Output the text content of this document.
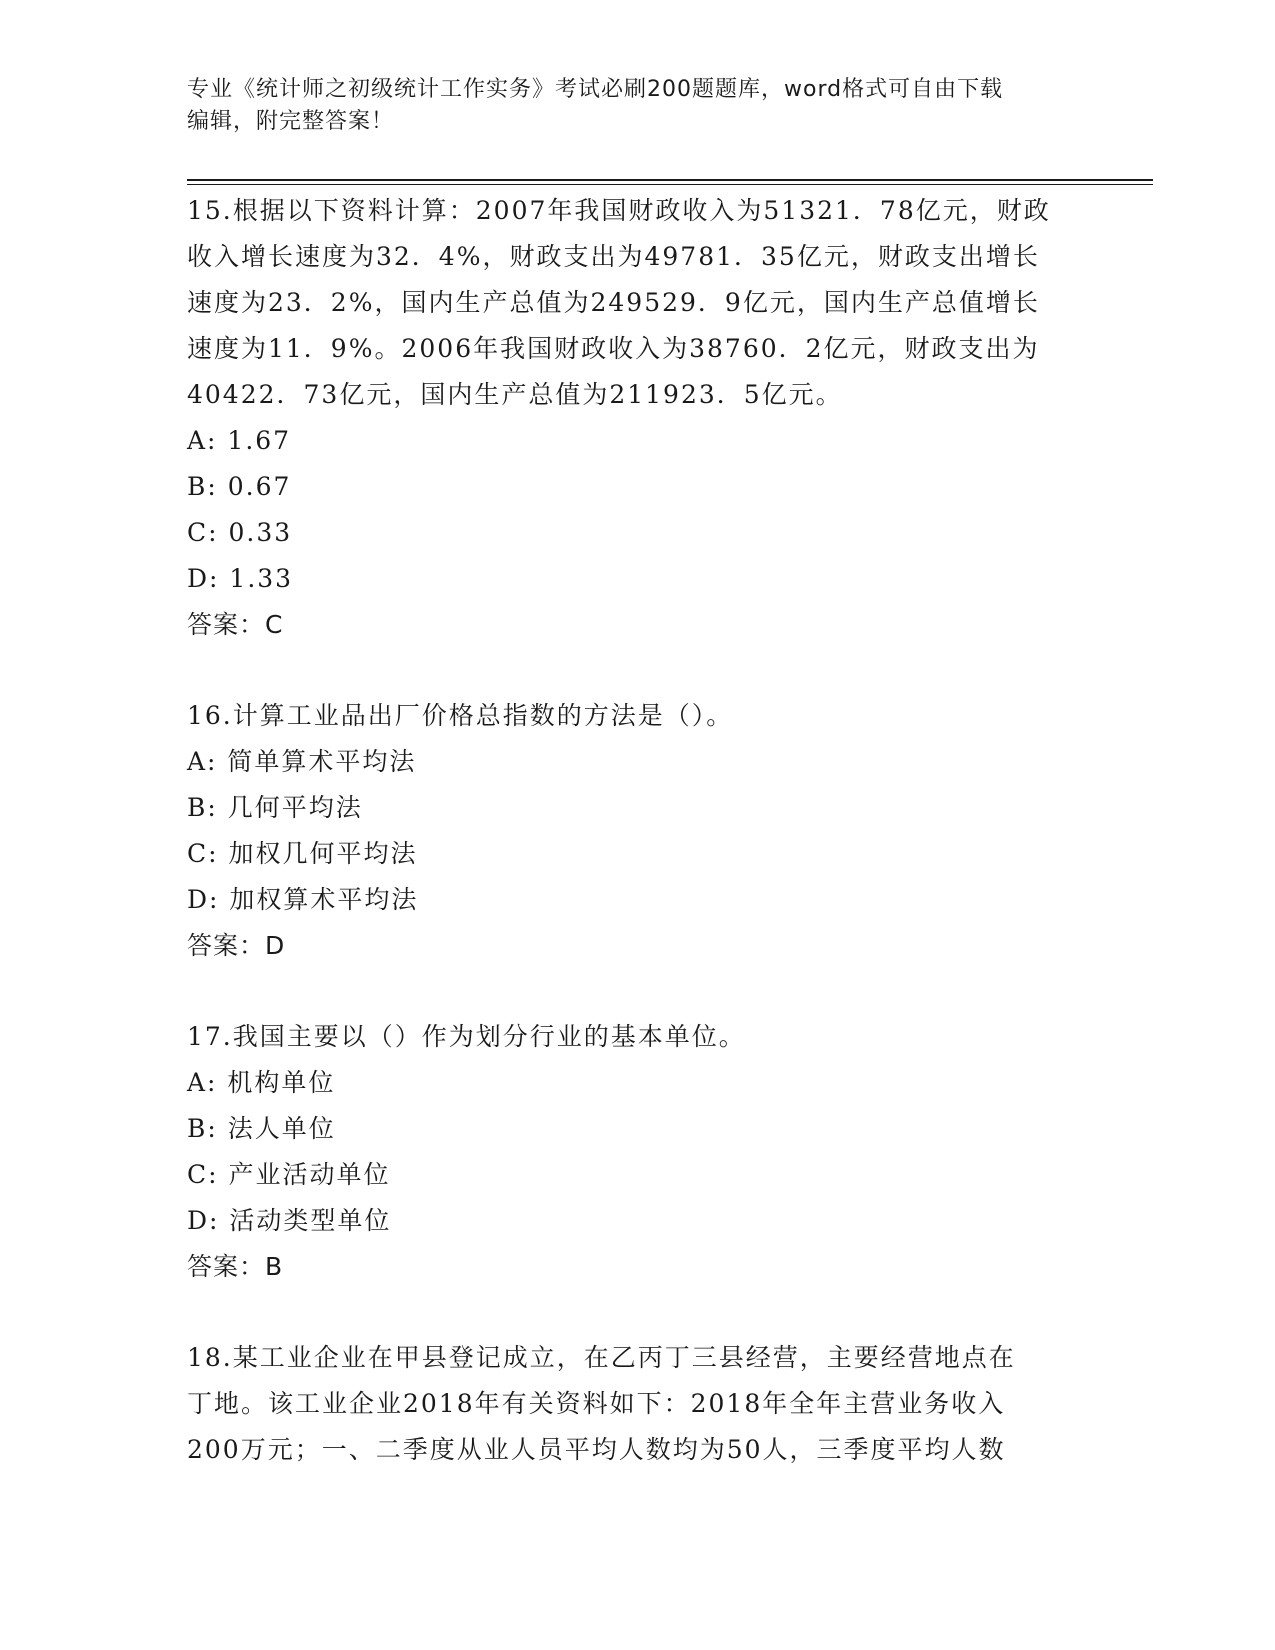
专业《统计师之初级统计工作实务》考试必刷200题题库，word格式可自由下载
编辑，附完整答案！
15.根据以下资料计算：2007年我国财政收入为51321．78亿元，财政
收入增长速度为32．4%，财政支出为49781．35亿元，财政支出增长
速度为23．2%，国内生产总值为249529．9亿元，国内生产总值增长
速度为11．9%。2006年我国财政收入为38760．2亿元，财政支出为
40422．73亿元，国内生产总值为211923．5亿元。
A: 1.67
B: 0.67
C: 0.33
D: 1.33
答案：C
16.计算工业品出厂价格总指数的方法是（）。
A: 简单算术平均法
B: 几何平均法
C: 加权几何平均法
D: 加权算术平均法
答案：D
17.我国主要以（）作为划分行业的基本单位。
A: 机构单位
B: 法人单位
C: 产业活动单位
D: 活动类型单位
答案：B
18.某工业企业在甲县登记成立，在乙丙丁三县经营，主要经营地点在
丁地。该工业企业2018年有关资料如下：2018年全年主营业务收入
200万元；一、二季度从业人员平均人数均为50人，三季度平均人数
